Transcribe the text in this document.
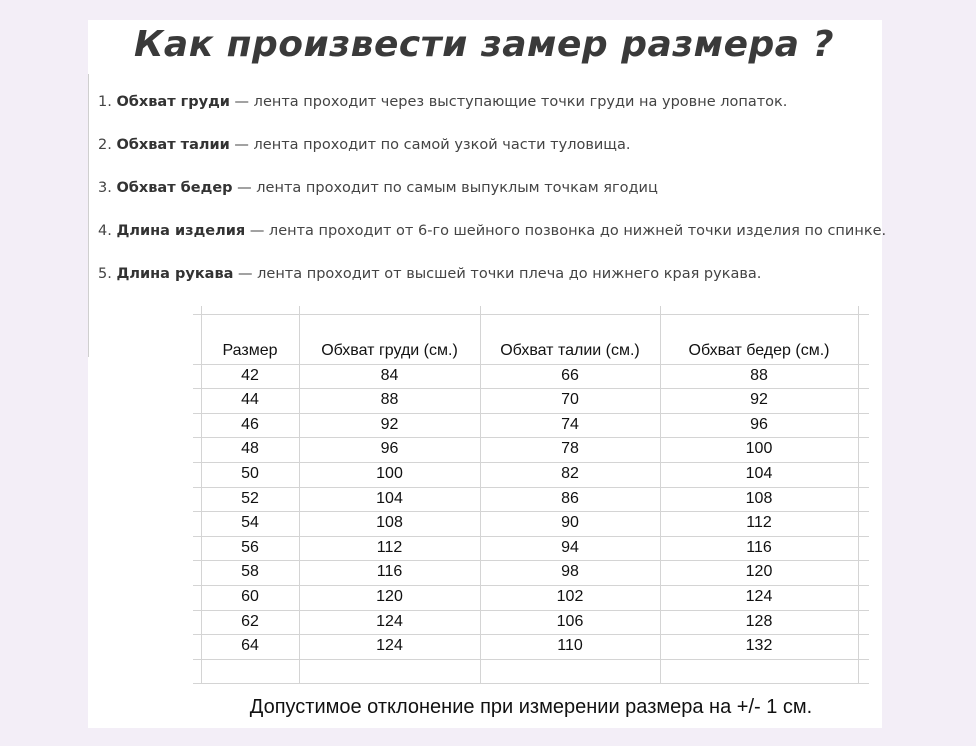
Как произвести замер размера ?
1. Обхват груди — лента проходит через выступающие точки груди на уровне лопаток.
2. Обхват талии — лента проходит по самой узкой части туловища.
3. Обхват бедер — лента проходит по самым выпуклым точкам ягодиц
4. Длина изделия — лента проходит от 6-го шейного позвонка до нижней точки изделия по спинке.
5. Длина рукава — лента проходит от высшей точки плеча до нижнего края рукава.
Допустимое отклонение при измерении размера на +/- 1 см.
Размер	Обхват груди (см.)	Обхват талии (см.)	Обхват бедер (см.)
42	84	66	88
44	88	70	92
46	92	74	96
48	96	78	100
50	100	82	104
52	104	86	108
54	108	90	112
56	112	94	116
58	116	98	120
60	120	102	124
62	124	106	128
64	124	110	132
